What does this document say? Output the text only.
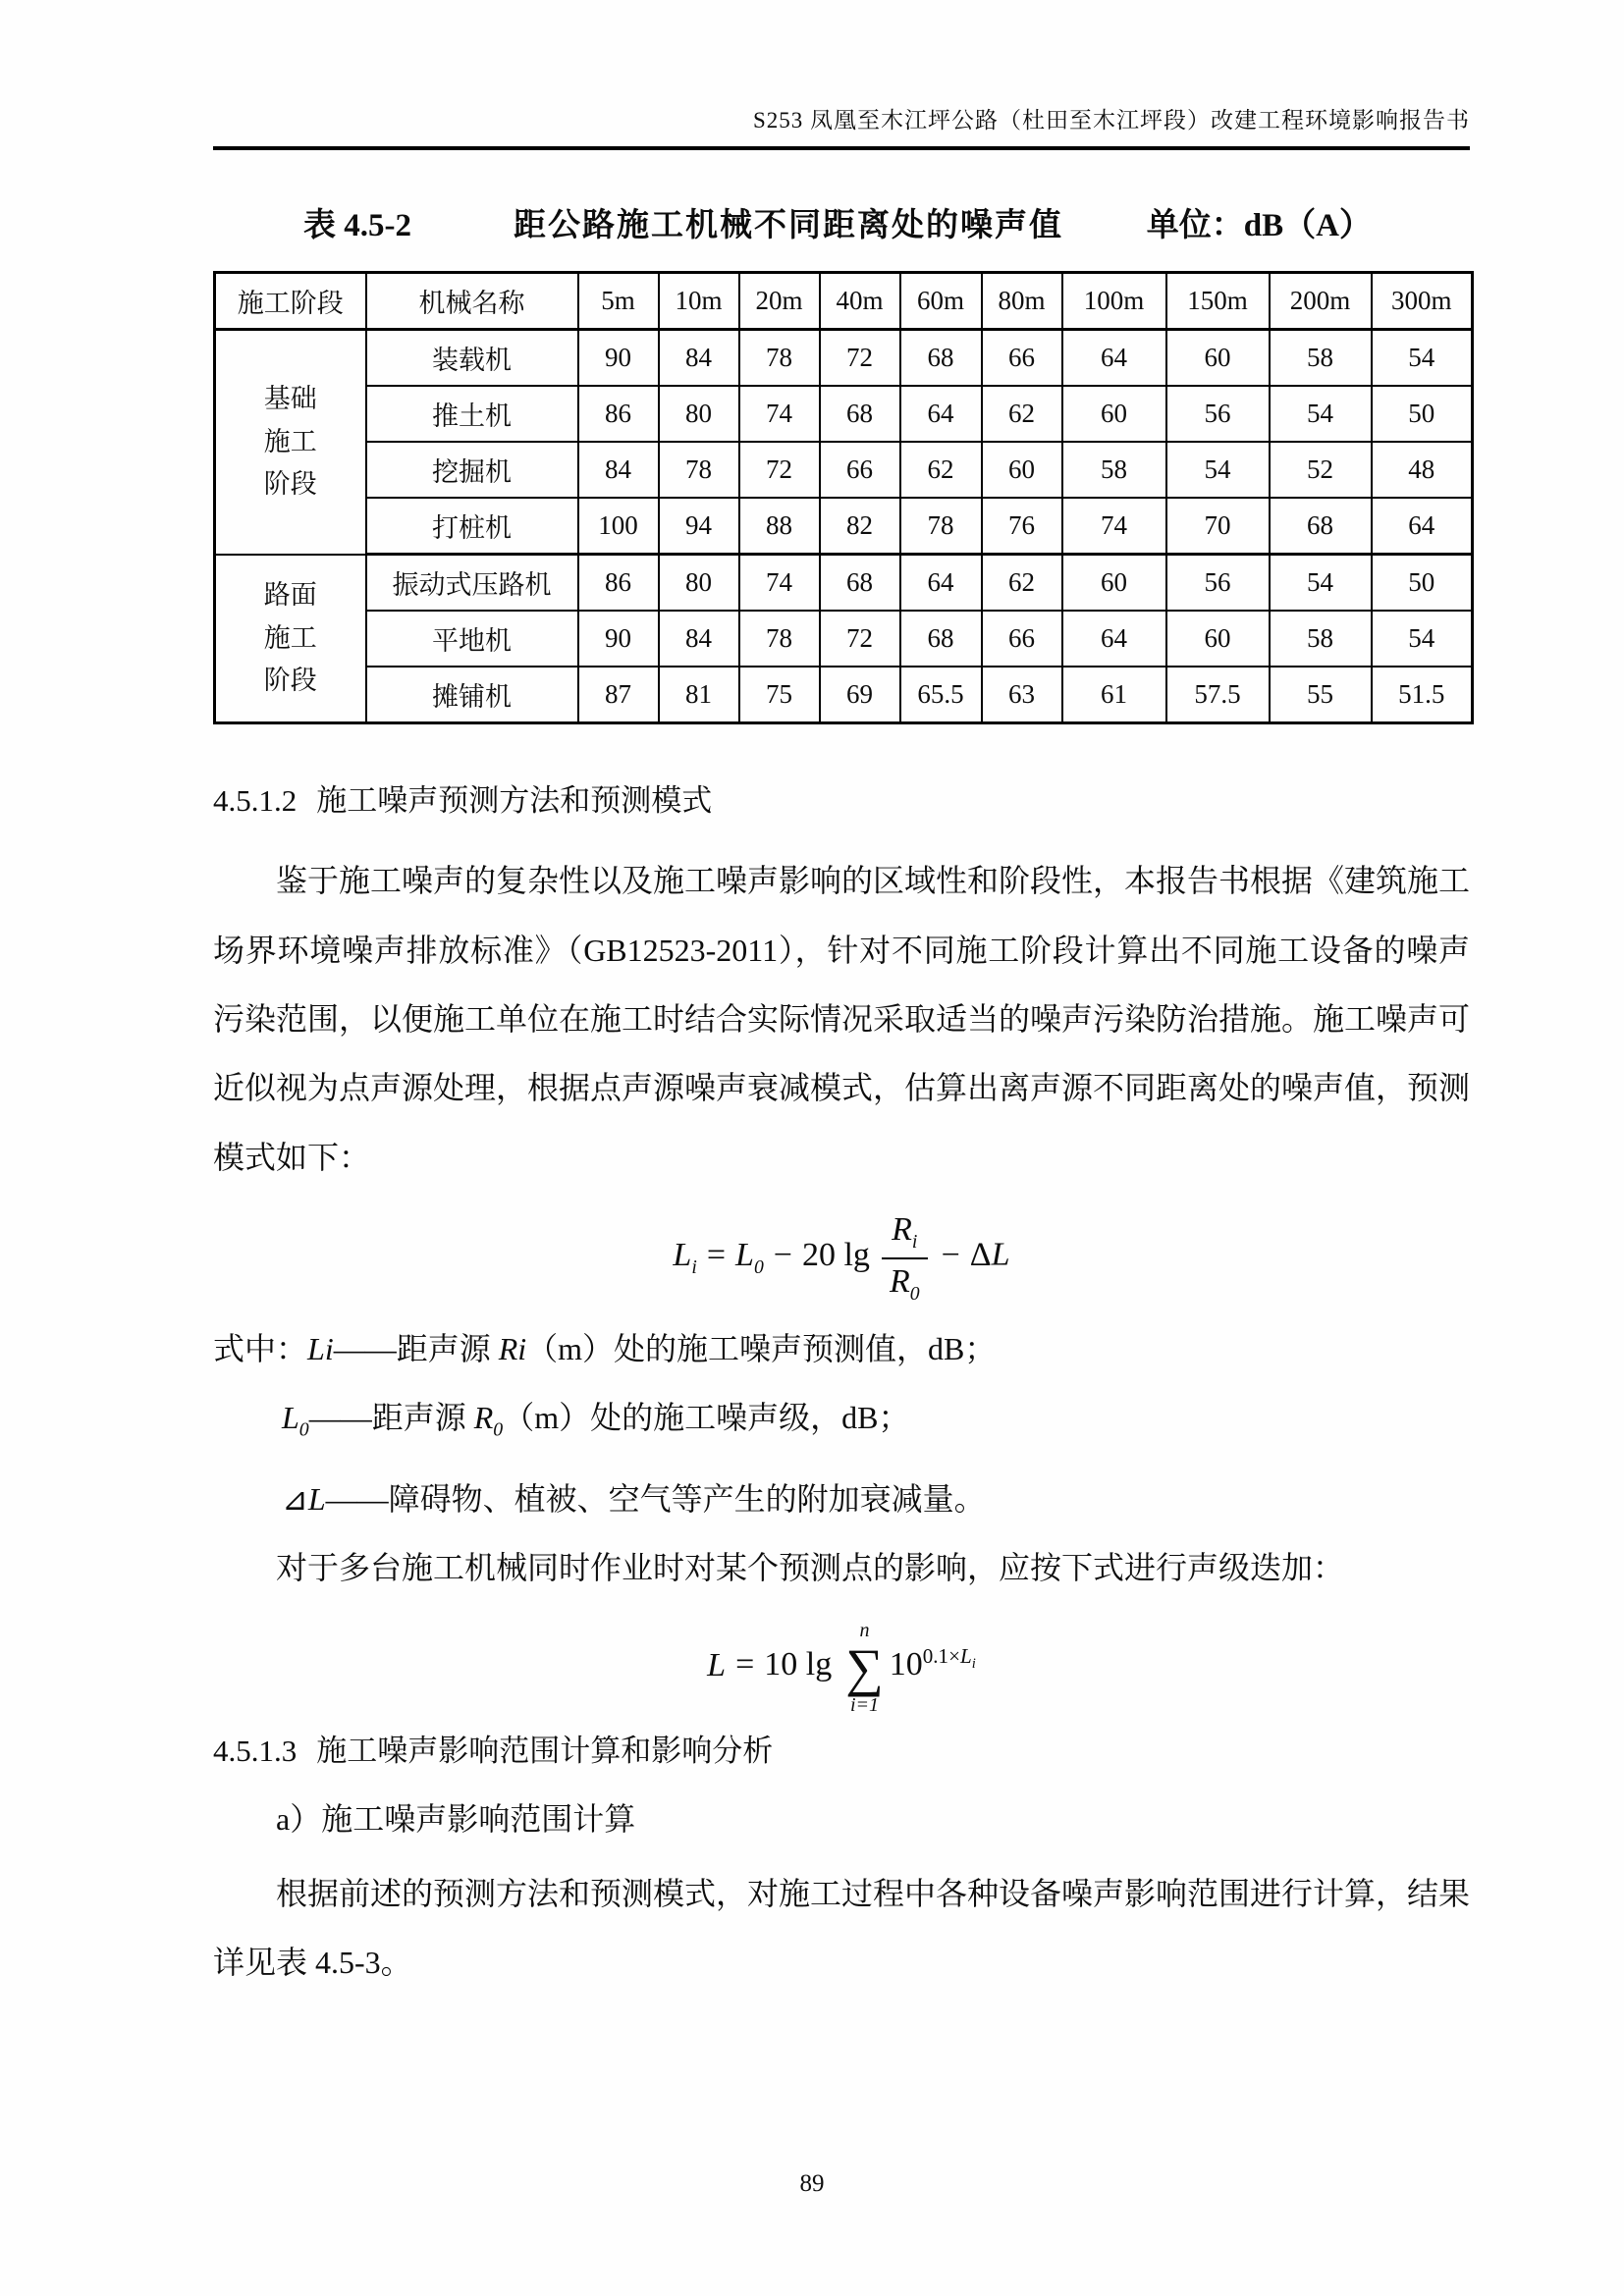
S253 凤凰至木江坪公路（杜田至木江坪段）改建工程环境影响报告书
表 4.5-2	距公路施工机械不同距离处的噪声值	单位：dB（A）
施工阶段	机械名称	5m	10m	20m	40m	60m	80m	100m	150m	200m	300m
基础施工阶段	装载机	90	84	78	72	68	66	64	60	58	54
	推土机	86	80	74	68	64	62	60	56	54	50
	挖掘机	84	78	72	66	62	60	58	54	52	48
	打桩机	100	94	88	82	78	76	74	70	68	64
路面施工阶段	振动式压路机	86	80	74	68	64	62	60	56	54	50
	平地机	90	84	78	72	68	66	64	60	58	54
	摊铺机	87	81	75	69	65.5	63	61	57.5	55	51.5
4.5.1.2 施工噪声预测方法和预测模式

鉴于施工噪声的复杂性以及施工噪声影响的区域性和阶段性，本报告书根据《建筑施工场界环境噪声排放标准》（GB12523-2011），针对不同施工阶段计算出不同施工设备的噪声污染范围，以便施工单位在施工时结合实际情况采取适当的噪声污染防治措施。施工噪声可近似视为点声源处理，根据点声源噪声衰减模式，估算出离声源不同距离处的噪声值，预测模式如下：

$L_i = L_0 - 20$ $\lg \frac{R_i}{R_0} - \Delta L$
式中：Li——距声源 Ri（m）处的施工噪声预测值，dB；
$L_0——$距声源 $R_0(m)$处的施工噪声级，dB；
⊿L——障碍物、植被、空气等产生的附加衰减量。
对于多台施工机械同时作业时对某个预测点的影响，应按下式进行声级迭加：
L = 10 lg
n
∑
i=1
$10^{0.1\times L_i}$
4.5.1.3 施工噪声影响范围计算和影响分析
a）施工噪声影响范围计算

根据前述的预测方法和预测模式，对施工过程中各种设备噪声影响范围进行计算，结果详见表 4.5-3。

89
